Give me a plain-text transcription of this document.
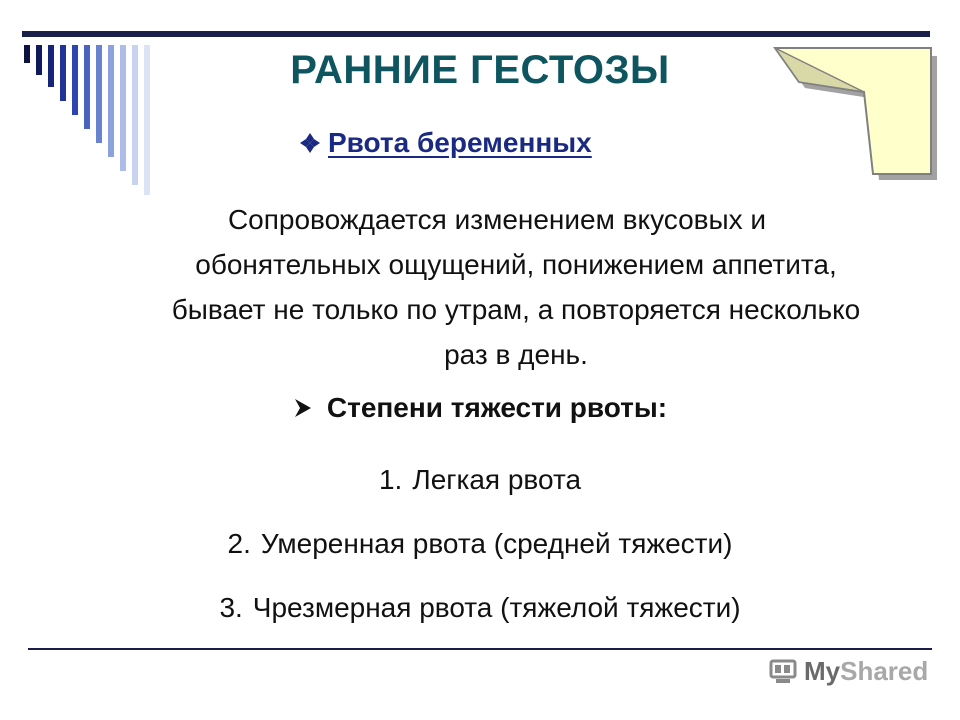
РАННИЕ ГЕСТОЗЫ
Рвота беременных
Сопровождается изменением вкусовых и
обонятельных ощущений, понижением аппетита, бывает не только по утрам, а повторяется несколько раз в день.
Степени тяжести рвоты:
1. Легкая рвота
2. Умеренная рвота (средней тяжести)
3. Чрезмерная рвота (тяжелой тяжести)
MyShared
